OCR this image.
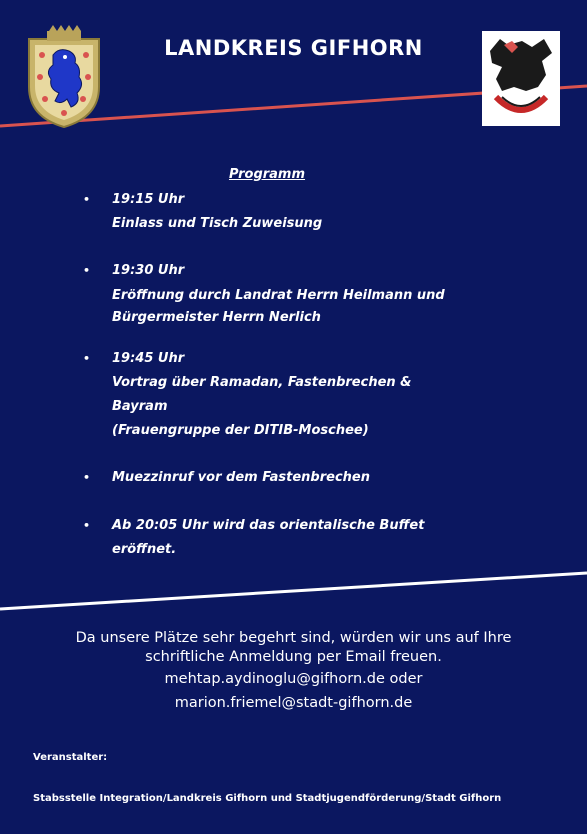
LANDKREIS GIFHORN
Programm
• 19:15 Uhr
Einlass und Tisch Zuweisung
• 19:30 Uhr
Eröffnung durch Landrat Herrn Heilmann und
Bürgermeister Herrn Nerlich
• 19:45 Uhr
Vortrag über Ramadan, Fastenbrechen &
Bayram
(Frauengruppe der DITIB-Moschee)
• Muezzinruf vor dem Fastenbrechen
• Ab 20:05 Uhr wird das orientalische Buffet
eröffnet.
Da unsere Plätze sehr begehrt sind, würden wir uns auf Ihre
schriftliche Anmeldung per Email freuen.
mehtap.aydinoglu@gifhorn.de oder
marion.friemel@stadt-gifhorn.de
Veranstalter:
Stabsstelle Integration/Landkreis Gifhorn und Stadtjugendförderung/Stadt Gifhorn
